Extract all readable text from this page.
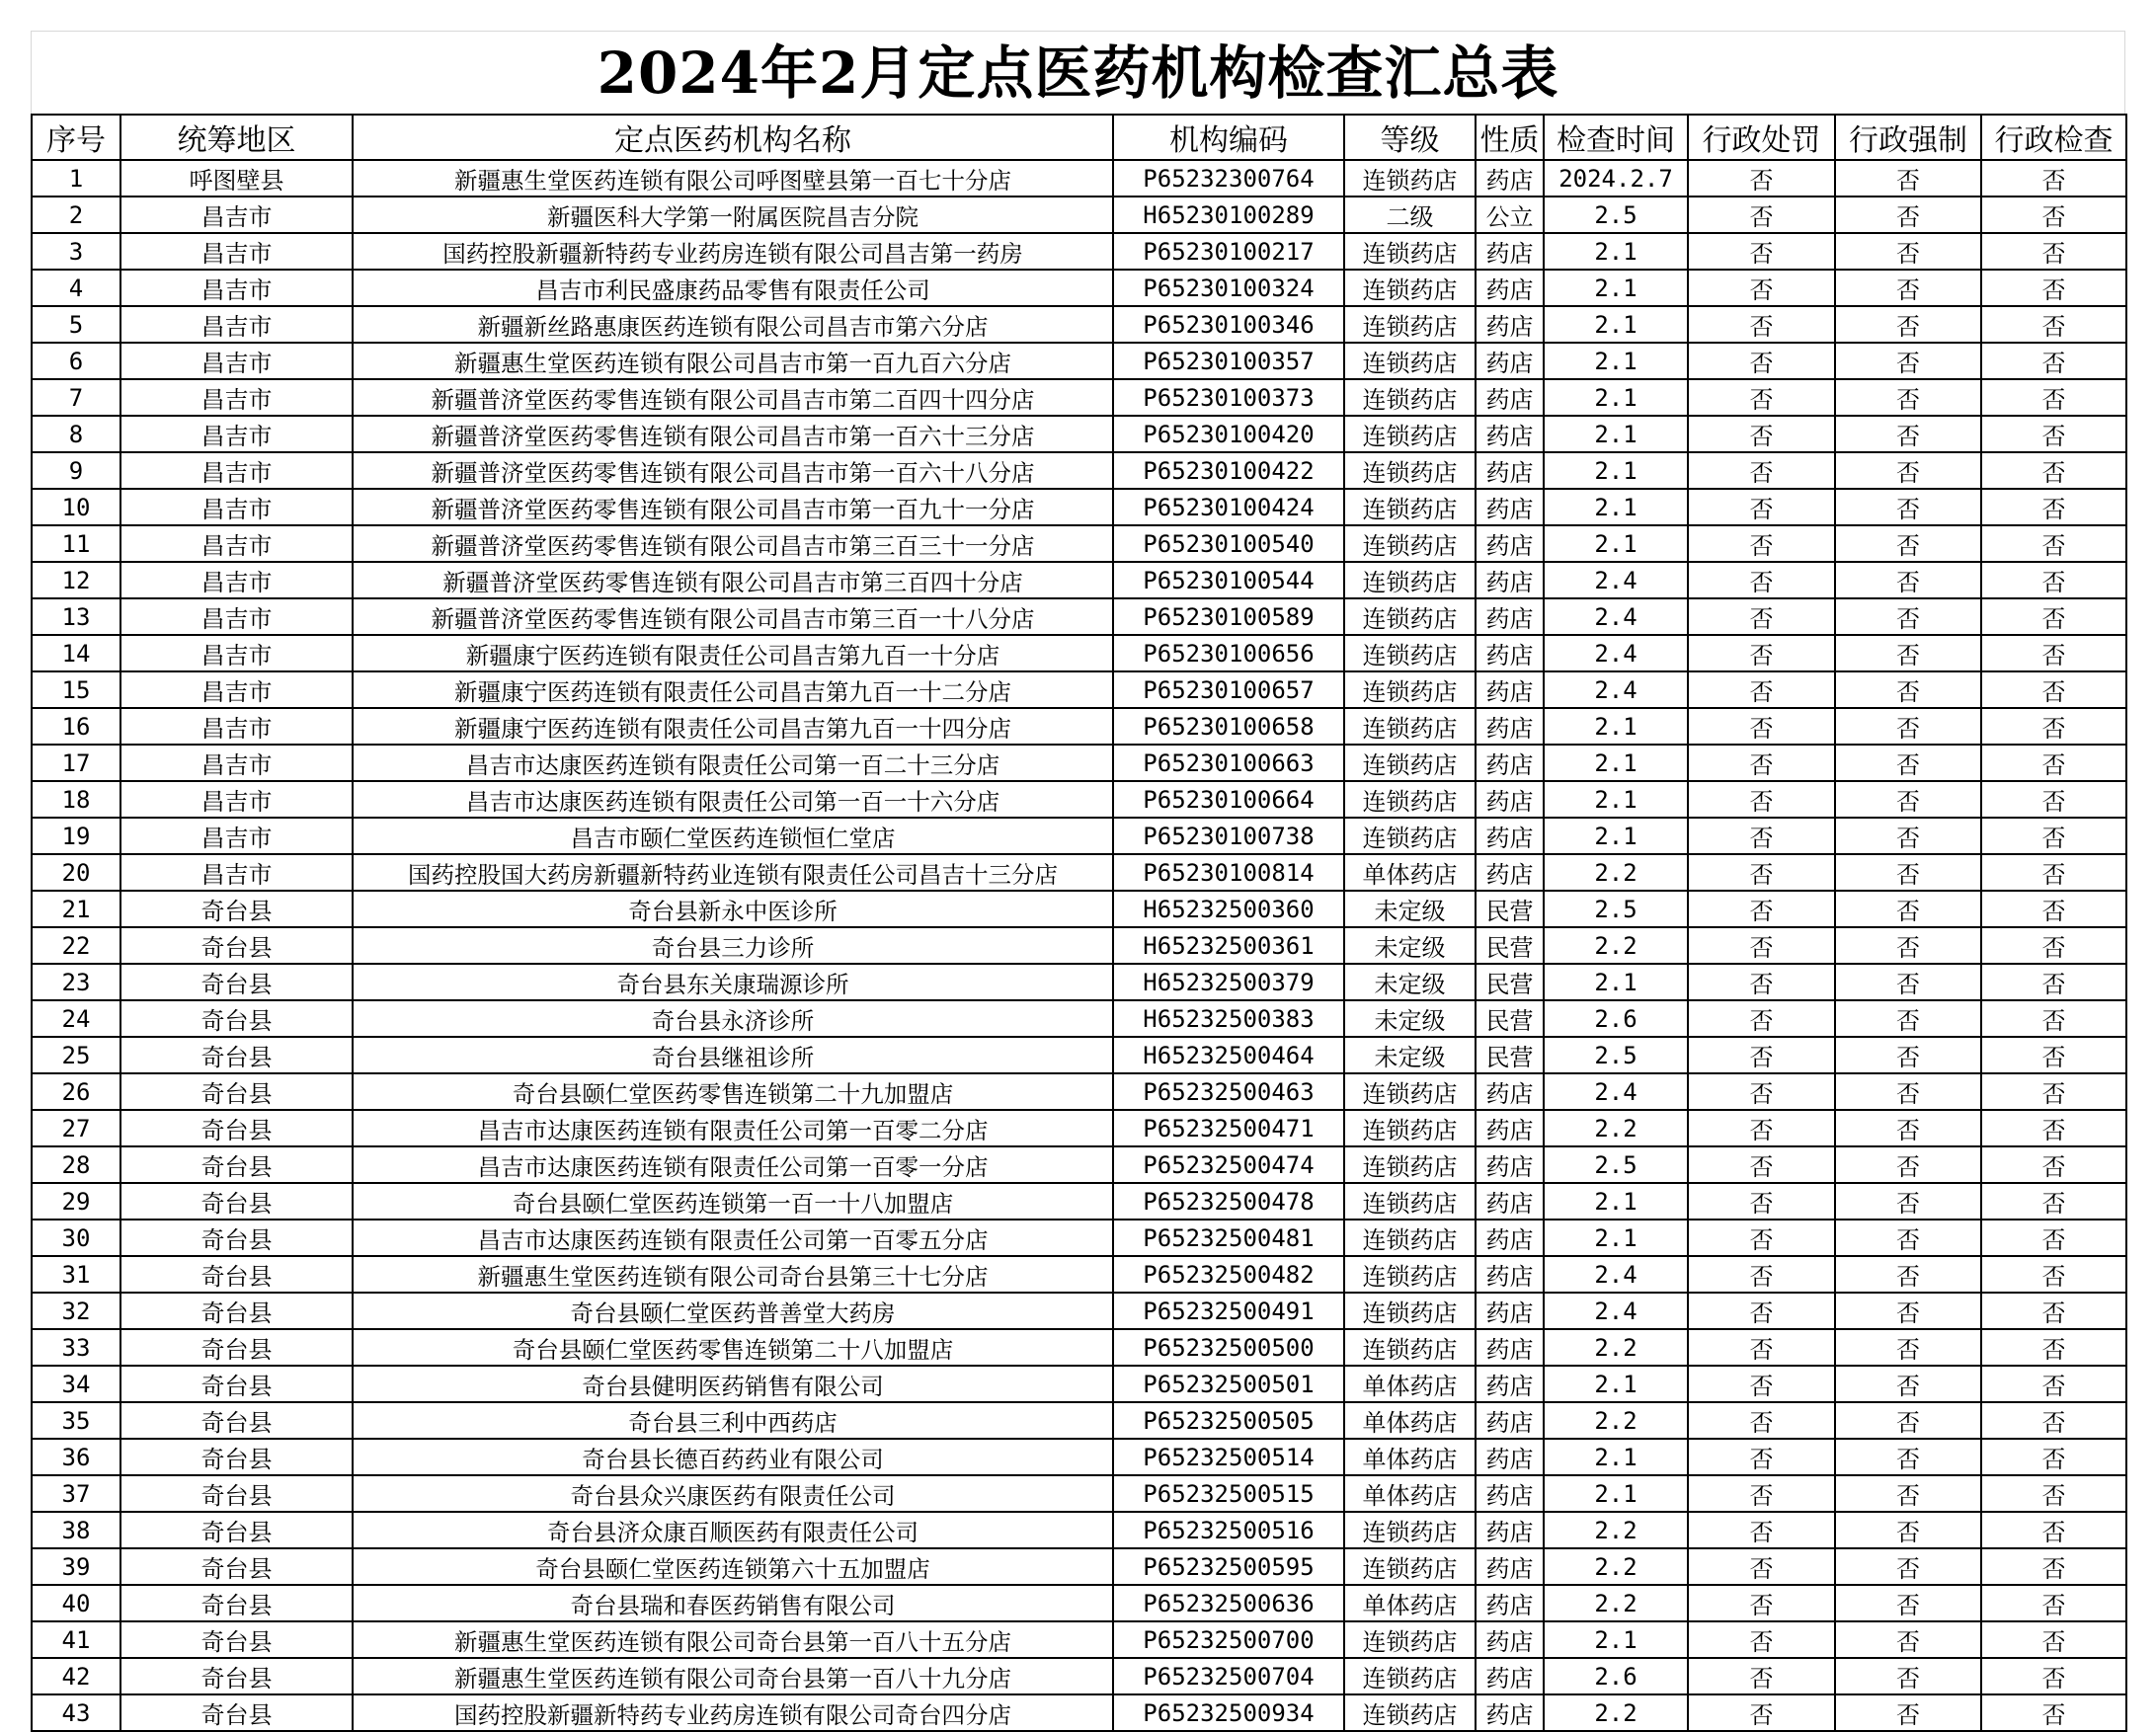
2024年2月定点医药机构检查汇总表
序号	统筹地区	定点医药机构名称	机构编码	等级	性质	检查时间	行政处罚	行政强制	行政检查
1	呼图壁县	新疆惠生堂医药连锁有限公司呼图壁县第一百七十分店	P65232300764	连锁药店	药店	2024.2.7	否	否	否
2	昌吉市	新疆医科大学第一附属医院昌吉分院	H65230100289	二级	公立	2.5	否	否	否
3	昌吉市	国药控股新疆新特药专业药房连锁有限公司昌吉第一药房	P65230100217	连锁药店	药店	2.1	否	否	否
4	昌吉市	昌吉市利民盛康药品零售有限责任公司	P65230100324	连锁药店	药店	2.1	否	否	否
5	昌吉市	新疆新丝路惠康医药连锁有限公司昌吉市第六分店	P65230100346	连锁药店	药店	2.1	否	否	否
6	昌吉市	新疆惠生堂医药连锁有限公司昌吉市第一百九百六分店	P65230100357	连锁药店	药店	2.1	否	否	否
7	昌吉市	新疆普济堂医药零售连锁有限公司昌吉市第二百四十四分店	P65230100373	连锁药店	药店	2.1	否	否	否
8	昌吉市	新疆普济堂医药零售连锁有限公司昌吉市第一百六十三分店	P65230100420	连锁药店	药店	2.1	否	否	否
9	昌吉市	新疆普济堂医药零售连锁有限公司昌吉市第一百六十八分店	P65230100422	连锁药店	药店	2.1	否	否	否
10	昌吉市	新疆普济堂医药零售连锁有限公司昌吉市第一百九十一分店	P65230100424	连锁药店	药店	2.1	否	否	否
11	昌吉市	新疆普济堂医药零售连锁有限公司昌吉市第三百三十一分店	P65230100540	连锁药店	药店	2.1	否	否	否
12	昌吉市	新疆普济堂医药零售连锁有限公司昌吉市第三百四十分店	P65230100544	连锁药店	药店	2.4	否	否	否
13	昌吉市	新疆普济堂医药零售连锁有限公司昌吉市第三百一十八分店	P65230100589	连锁药店	药店	2.4	否	否	否
14	昌吉市	新疆康宁医药连锁有限责任公司昌吉第九百一十分店	P65230100656	连锁药店	药店	2.4	否	否	否
15	昌吉市	新疆康宁医药连锁有限责任公司昌吉第九百一十二分店	P65230100657	连锁药店	药店	2.4	否	否	否
16	昌吉市	新疆康宁医药连锁有限责任公司昌吉第九百一十四分店	P65230100658	连锁药店	药店	2.1	否	否	否
17	昌吉市	昌吉市达康医药连锁有限责任公司第一百二十三分店	P65230100663	连锁药店	药店	2.1	否	否	否
18	昌吉市	昌吉市达康医药连锁有限责任公司第一百一十六分店	P65230100664	连锁药店	药店	2.1	否	否	否
19	昌吉市	昌吉市颐仁堂医药连锁恒仁堂店	P65230100738	连锁药店	药店	2.1	否	否	否
20	昌吉市	国药控股国大药房新疆新特药业连锁有限责任公司昌吉十三分店	P65230100814	单体药店	药店	2.2	否	否	否
21	奇台县	奇台县新永中医诊所	H65232500360	未定级	民营	2.5	否	否	否
22	奇台县	奇台县三力诊所	H65232500361	未定级	民营	2.2	否	否	否
23	奇台县	奇台县东关康瑞源诊所	H65232500379	未定级	民营	2.1	否	否	否
24	奇台县	奇台县永济诊所	H65232500383	未定级	民营	2.6	否	否	否
25	奇台县	奇台县继祖诊所	H65232500464	未定级	民营	2.5	否	否	否
26	奇台县	奇台县颐仁堂医药零售连锁第二十九加盟店	P65232500463	连锁药店	药店	2.4	否	否	否
27	奇台县	昌吉市达康医药连锁有限责任公司第一百零二分店	P65232500471	连锁药店	药店	2.2	否	否	否
28	奇台县	昌吉市达康医药连锁有限责任公司第一百零一分店	P65232500474	连锁药店	药店	2.5	否	否	否
29	奇台县	奇台县颐仁堂医药连锁第一百一十八加盟店	P65232500478	连锁药店	药店	2.1	否	否	否
30	奇台县	昌吉市达康医药连锁有限责任公司第一百零五分店	P65232500481	连锁药店	药店	2.1	否	否	否
31	奇台县	新疆惠生堂医药连锁有限公司奇台县第三十七分店	P65232500482	连锁药店	药店	2.4	否	否	否
32	奇台县	奇台县颐仁堂医药普善堂大药房	P65232500491	连锁药店	药店	2.4	否	否	否
33	奇台县	奇台县颐仁堂医药零售连锁第二十八加盟店	P65232500500	连锁药店	药店	2.2	否	否	否
34	奇台县	奇台县健明医药销售有限公司	P65232500501	单体药店	药店	2.1	否	否	否
35	奇台县	奇台县三利中西药店	P65232500505	单体药店	药店	2.2	否	否	否
36	奇台县	奇台县长德百药药业有限公司	P65232500514	单体药店	药店	2.1	否	否	否
37	奇台县	奇台县众兴康医药有限责任公司	P65232500515	单体药店	药店	2.1	否	否	否
38	奇台县	奇台县济众康百顺医药有限责任公司	P65232500516	连锁药店	药店	2.2	否	否	否
39	奇台县	奇台县颐仁堂医药连锁第六十五加盟店	P65232500595	连锁药店	药店	2.2	否	否	否
40	奇台县	奇台县瑞和春医药销售有限公司	P65232500636	单体药店	药店	2.2	否	否	否
41	奇台县	新疆惠生堂医药连锁有限公司奇台县第一百八十五分店	P65232500700	连锁药店	药店	2.1	否	否	否
42	奇台县	新疆惠生堂医药连锁有限公司奇台县第一百八十九分店	P65232500704	连锁药店	药店	2.6	否	否	否
43	奇台县	国药控股新疆新特药专业药房连锁有限公司奇台四分店	P65232500934	连锁药店	药店	2.2	否	否	否
